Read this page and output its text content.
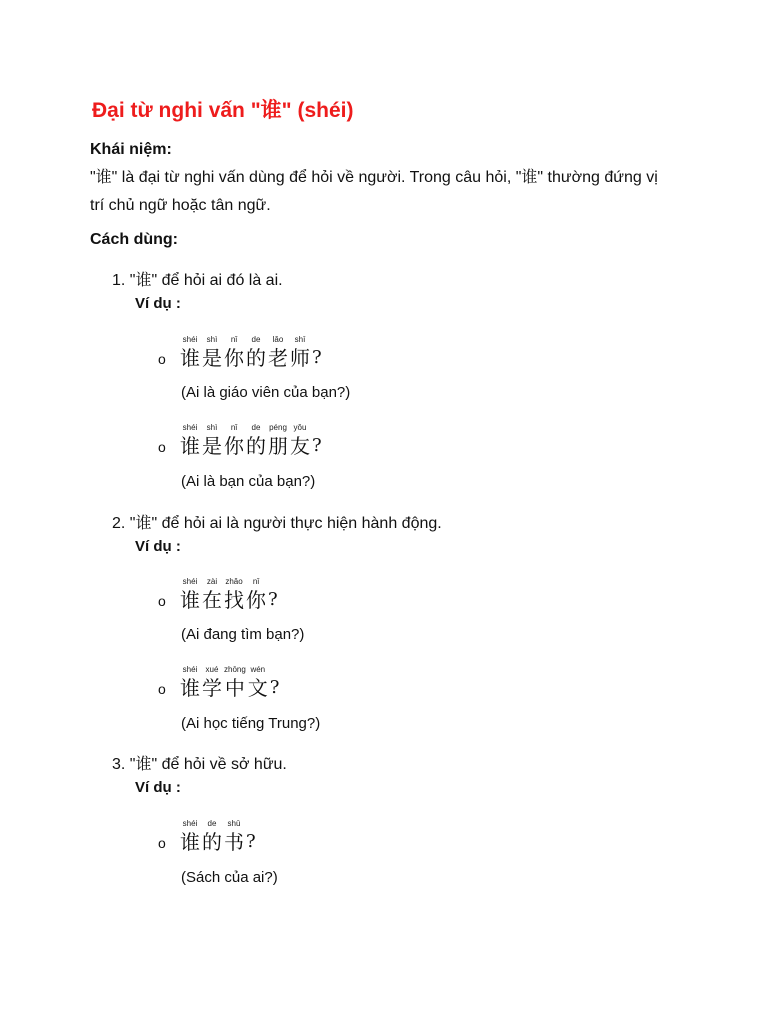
Đại từ nghi vấn "谁" (shéi)
Khái niệm:
"谁" là đại từ nghi vấn dùng để hỏi về người. Trong câu hỏi, "谁" thường đứng vị
trí chủ ngữ hoặc tân ngữ.
Cách dùng:
1. "谁" để hỏi ai đó là ai.
Ví dụ :
o
shéi
谁
shì
是
nǐ
你
de
的
lǎo
老
shī
师 ?
(Ai là giáo viên của bạn?)
o
shéi
谁
shì
是
nǐ
你
de
的
péng
朋
yǒu
友 ?
(Ai là bạn của bạn?)
2. "谁" để hỏi ai là người thực hiện hành động.
Ví dụ :
o
shéi
谁
zài
在
zhǎo
找
nǐ
你 ?
(Ai đang tìm bạn?)
o
shéi
谁
xué
学
zhōng
中
wén
文 ?
(Ai học tiếng Trung?)
3. "谁" để hỏi về sở hữu.
Ví dụ :
o
shéi
谁
de
的
shū
书 ?
(Sách của ai?)
